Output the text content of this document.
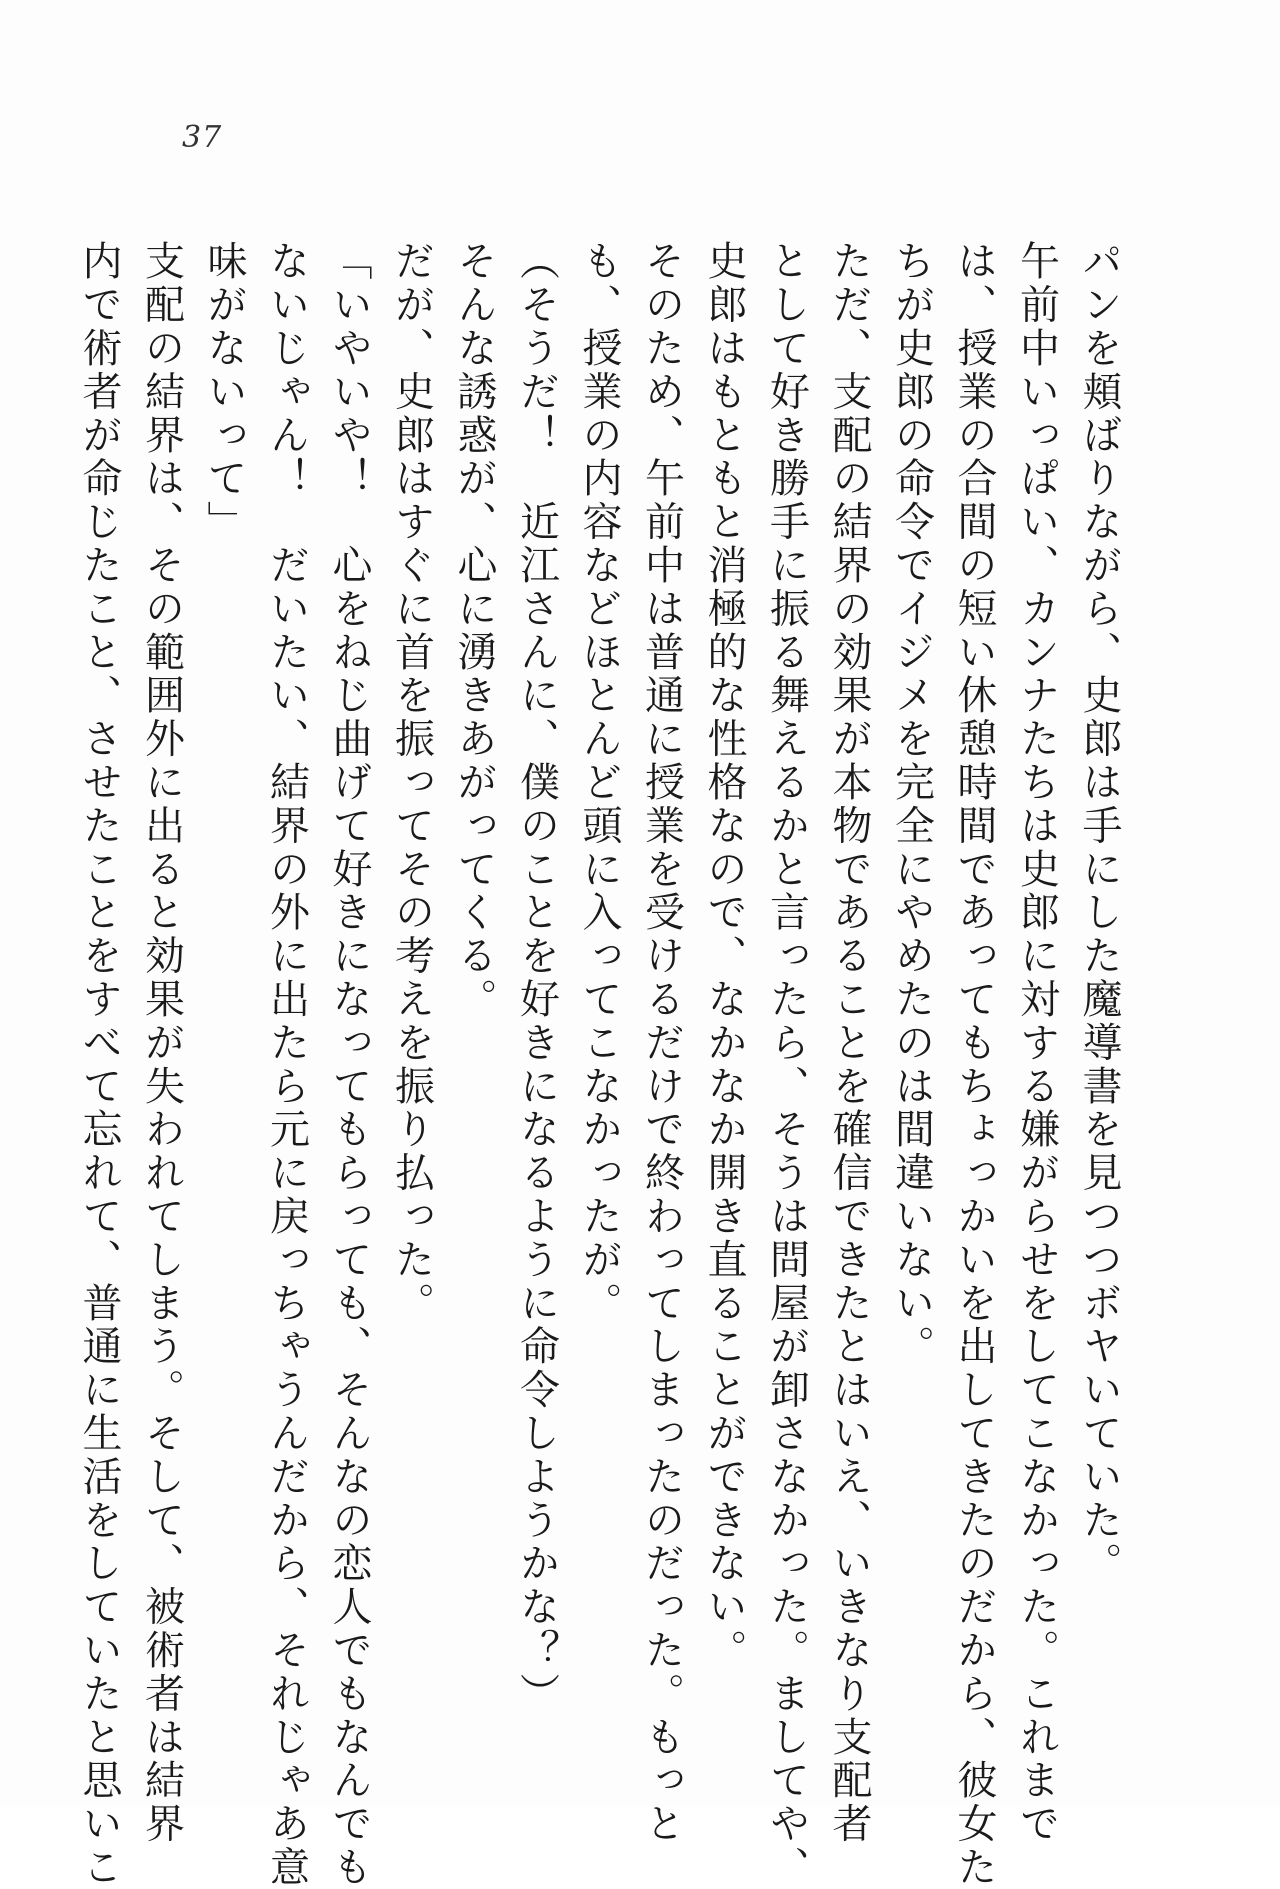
37
パンを頬ばりながら、史郎は手にした魔導書を見つつボヤいていた。
午前中いっぱい、カンナたちは史郎に対する嫌がらせをしてこなかった。これまで
は、授業の合間の短い休憩時間であってもちょっかいを出してきたのだから、彼女た
ちが史郎の命令でイジメを完全にやめたのは間違いない。
ただ、支配の結界の効果が本物であることを確信できたとはいえ、いきなり支配者
として好き勝手に振る舞えるかと言ったら、そうは問屋が卸さなかった。ましてや、
史郎はもともと消極的な性格なので、なかなか開き直ることができない。
そのため、午前中は普通に授業を受けるだけで終わってしまったのだった。もっと
も、授業の内容などほとんど頭に入ってこなかったが。
（そうだ！　近江さんに、僕のことを好きになるように命令しようかな？）
そんな誘惑が、心に湧きあがってくる。
だが、史郎はすぐに首を振ってその考えを振り払った。
「いやいや！　心をねじ曲げて好きになってもらっても、そんなの恋人でもなんでも
ないじゃん！　だいたい、結界の外に出たら元に戻っちゃうんだから、それじゃあ意
味がないって」
支配の結界は、その範囲外に出ると効果が失われてしまう。そして、被術者は結界
内で術者が命じたこと、させたことをすべて忘れて、普通に生活をしていたと思いこ
